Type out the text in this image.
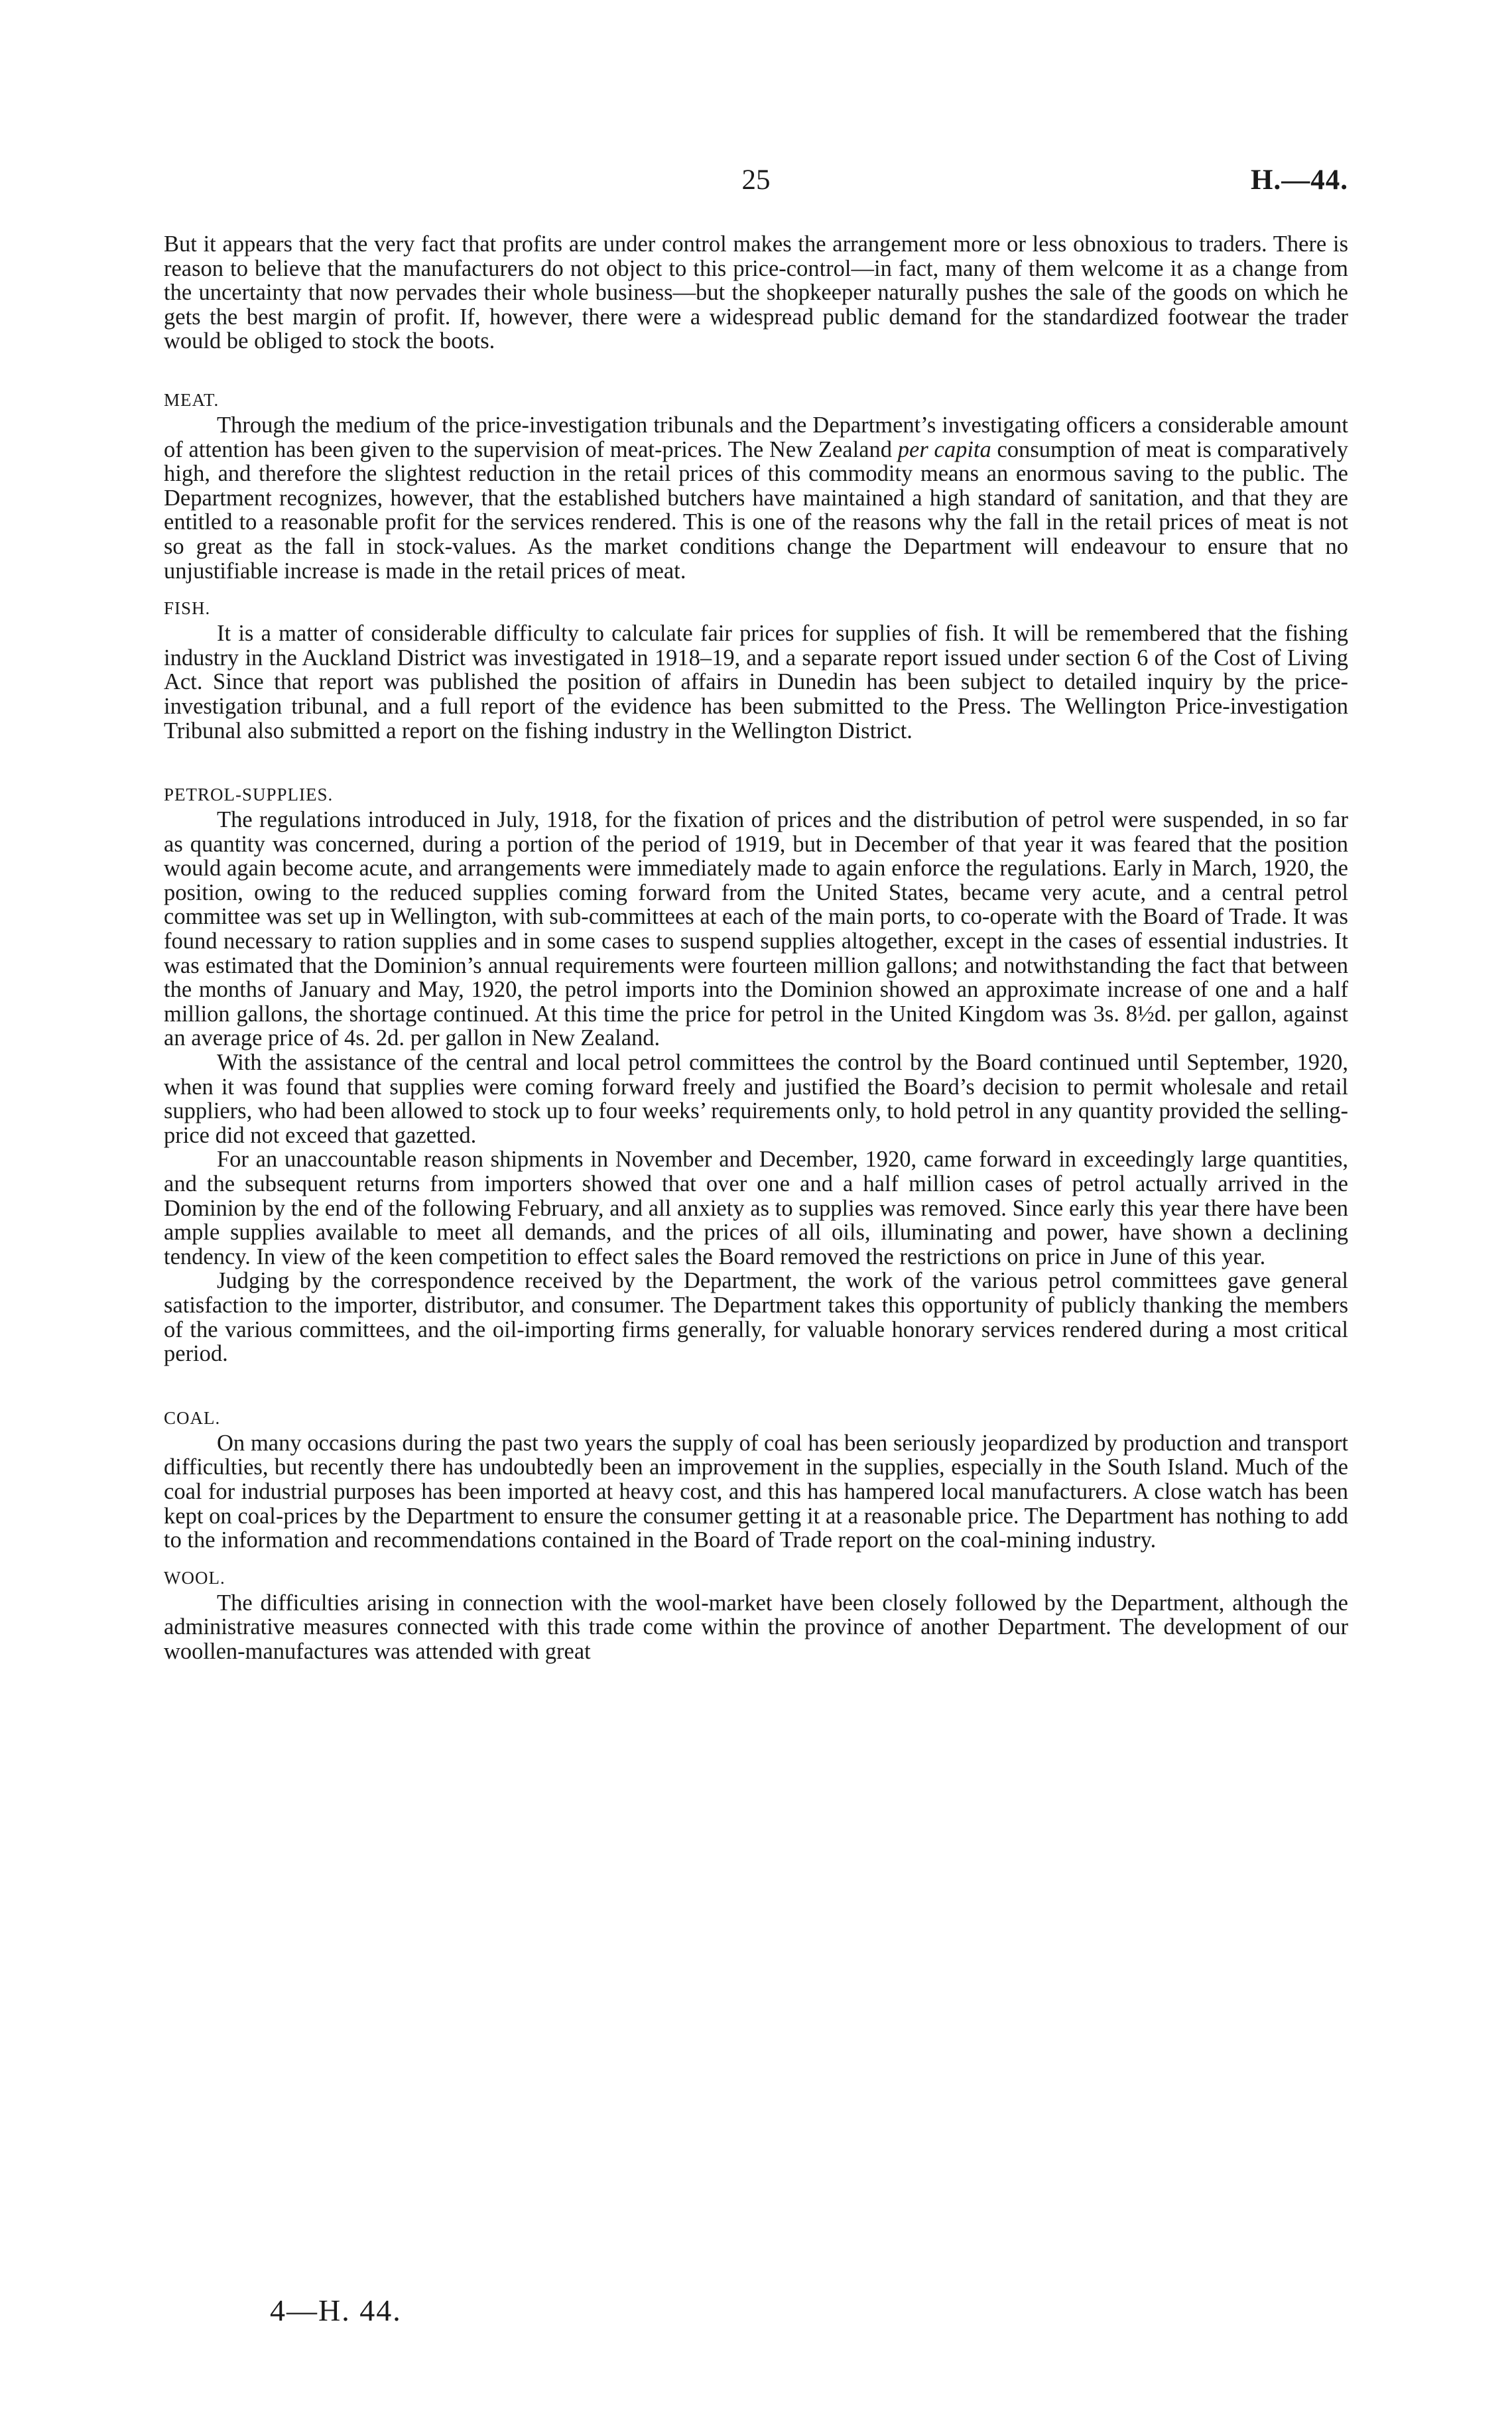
25	H.—44.

But it appears that the very fact that profits are under control makes the arrangement more or less obnoxious to traders. There is reason to believe that the manufacturers do not object to this price-control—in fact, many of them welcome it as a change from the uncertainty that now pervades their whole business—but the shopkeeper naturally pushes the sale of the goods on which he gets the best margin of profit. If, however, there were a widespread public demand for the standardized footwear the trader would be obliged to stock the boots.

MEAT.

Through the medium of the price-investigation tribunals and the Department’s investigating officers a considerable amount of attention has been given to the supervision of meat-prices. The New Zealand per capita consumption of meat is comparatively high, and therefore the slightest reduction in the retail prices of this commodity means an enormous saving to the public. The Department recognizes, however, that the established butchers have maintained a high standard of sanitation, and that they are entitled to a reasonable profit for the services rendered. This is one of the reasons why the fall in the retail prices of meat is not so great as the fall in stock-values. As the market conditions change the Department will endeavour to ensure that no unjustifiable increase is made in the retail prices of meat.

FISH.

It is a matter of considerable difficulty to calculate fair prices for supplies of fish. It will be remembered that the fishing industry in the Auckland District was investigated in 1918–19, and a separate report issued under section 6 of the Cost of Living Act. Since that report was published the position of affairs in Dunedin has been subject to detailed inquiry by the price-investigation tribunal, and a full report of the evidence has been submitted to the Press. The Wellington Price-investigation Tribunal also submitted a report on the fishing industry in the Wellington District.

PETROL-SUPPLIES.

The regulations introduced in July, 1918, for the fixation of prices and the distribution of petrol were suspended, in so far as quantity was concerned, during a portion of the period of 1919, but in December of that year it was feared that the position would again become acute, and arrangements were immediately made to again enforce the regulations. Early in March, 1920, the position, owing to the reduced supplies coming forward from the United States, became very acute, and a central petrol committee was set up in Wellington, with sub-committees at each of the main ports, to co-operate with the Board of Trade. It was found necessary to ration supplies and in some cases to suspend supplies altogether, except in the cases of essential industries. It was estimated that the Dominion’s annual requirements were fourteen million gallons; and notwithstanding the fact that between the months of January and May, 1920, the petrol imports into the Dominion showed an approximate increase of one and a half million gallons, the shortage continued. At this time the price for petrol in the United Kingdom was 3s. 8½d. per gallon, against an average price of 4s. 2d. per gallon in New Zealand.

With the assistance of the central and local petrol committees the control by the Board continued until September, 1920, when it was found that supplies were coming forward freely and justified the Board’s decision to permit wholesale and retail suppliers, who had been allowed to stock up to four weeks’ requirements only, to hold petrol in any quantity provided the selling-price did not exceed that gazetted.

For an unaccountable reason shipments in November and December, 1920, came forward in exceedingly large quantities, and the subsequent returns from importers showed that over one and a half million cases of petrol actually arrived in the Dominion by the end of the following February, and all anxiety as to supplies was removed. Since early this year there have been ample supplies available to meet all demands, and the prices of all oils, illuminating and power, have shown a declining tendency. In view of the keen competition to effect sales the Board removed the restrictions on price in June of this year.

Judging by the correspondence received by the Department, the work of the various petrol committees gave general satisfaction to the importer, distributor, and consumer. The Department takes this opportunity of publicly thanking the members of the various committees, and the oil-importing firms generally, for valuable honorary services rendered during a most critical period.

COAL.

On many occasions during the past two years the supply of coal has been seriously jeopardized by production and transport difficulties, but recently there has undoubtedly been an improvement in the supplies, especially in the South Island. Much of the coal for industrial purposes has been imported at heavy cost, and this has hampered local manufacturers. A close watch has been kept on coal-prices by the Department to ensure the consumer getting it at a reasonable price. The Department has nothing to add to the information and recommendations contained in the Board of Trade report on the coal-mining industry.

WOOL.

The difficulties arising in connection with the wool-market have been closely followed by the Department, although the administrative measures connected with this trade come within the province of another Department. The development of our woollen-manufactures was attended with great

4—H. 44.
